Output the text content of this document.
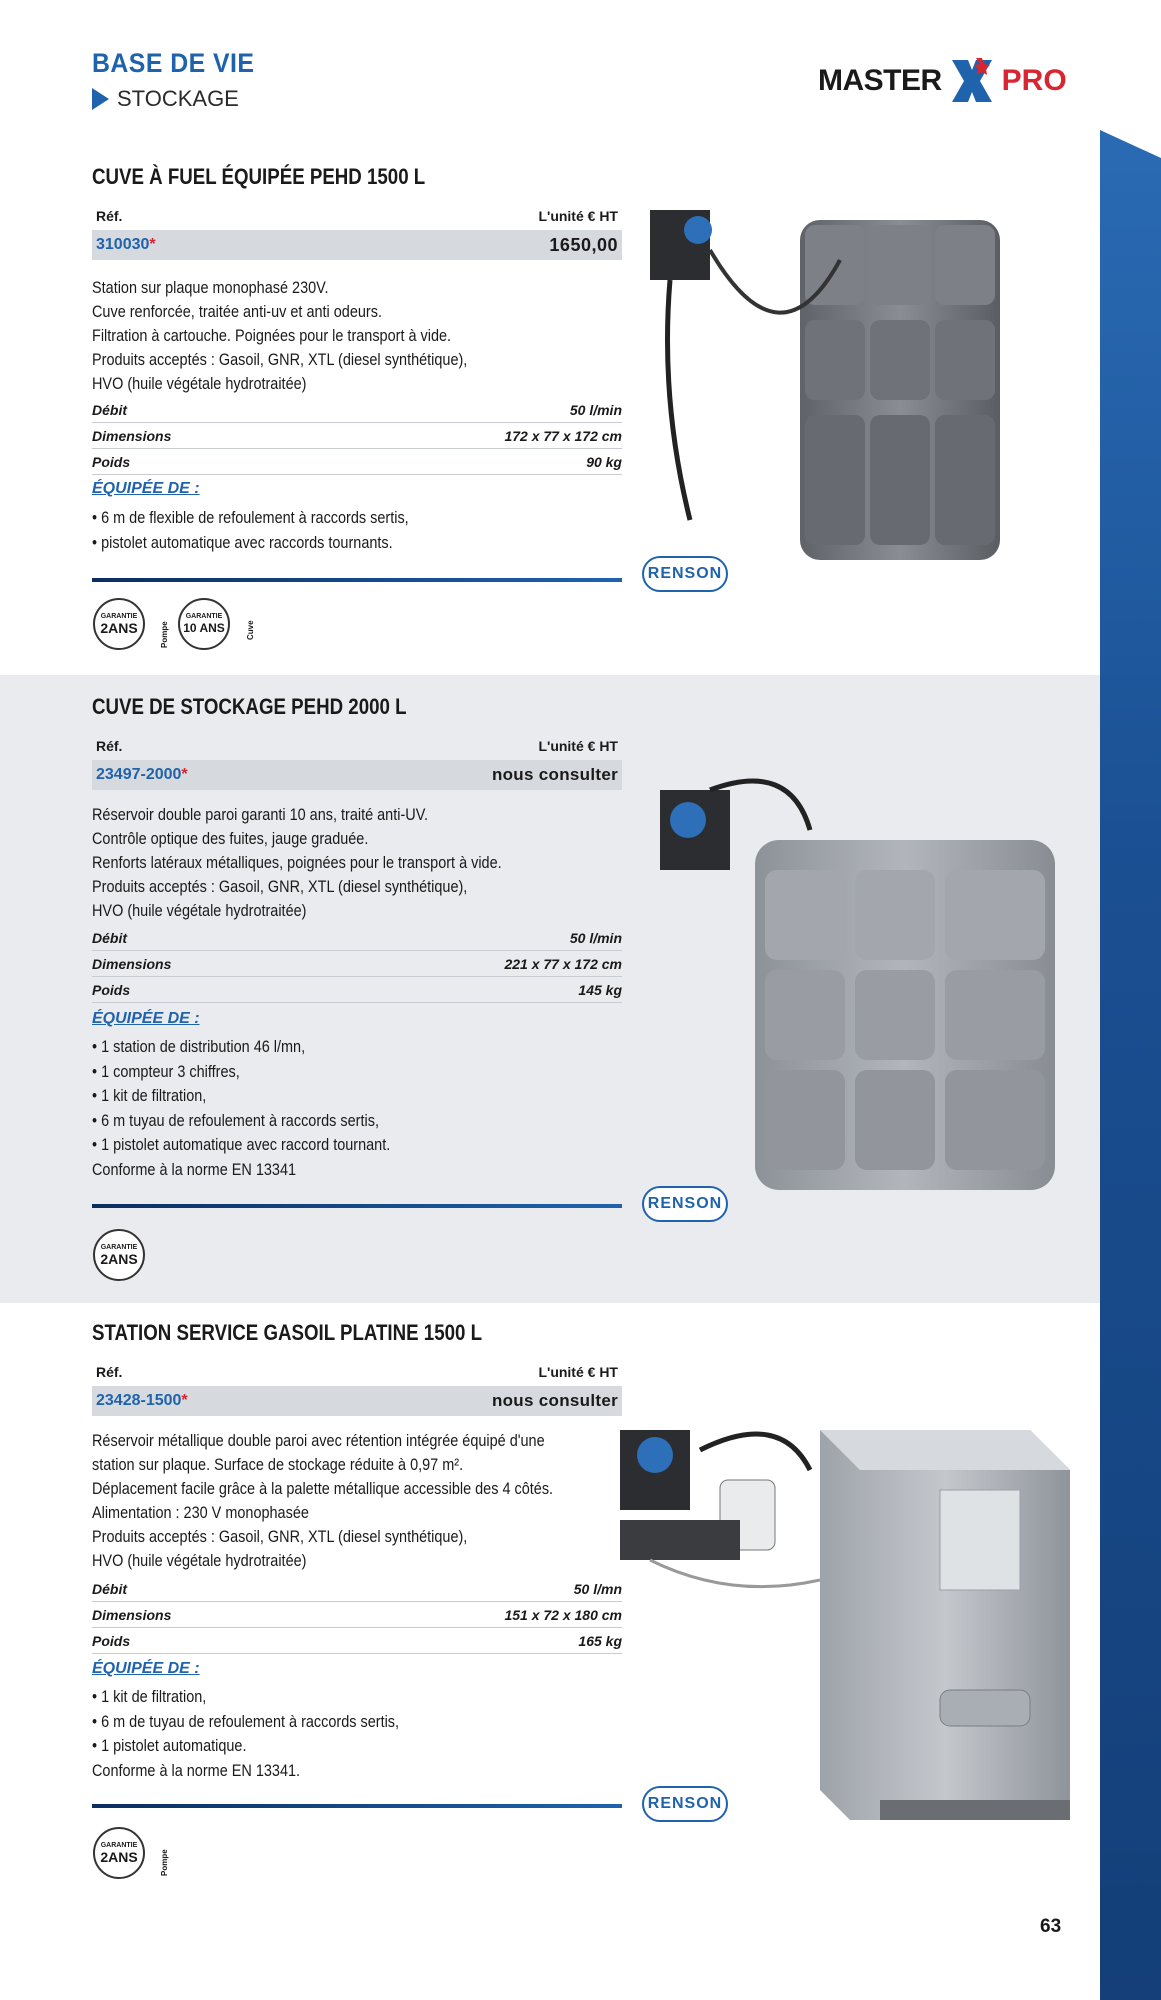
BASE DE VIE
STOCKAGE
MASTER PRO
CUVE À FUEL ÉQUIPÉE PEHD 1500 L
Réf.	L'unité € HT
310030*	1650,00
Station sur plaque monophasé 230V.
Cuve renforcée, traitée anti-uv et anti odeurs.
Filtration à cartouche. Poignées pour le transport à vide.
Produits acceptés : Gasoil, GNR, XTL (diesel synthétique),
HVO (huile végétale hydrotraitée)
Débit	50 l/min
Dimensions	172 x 77 x 172 cm
Poids	90 kg
ÉQUIPÉE DE :
• 6 m de flexible de refoulement à raccords sertis,
• pistolet automatique avec raccords tournants.
GARANTIE
2ANS	Pompe
GARANTIE
10 ANS	Cuve
RENSON
CUVE DE STOCKAGE PEHD 2000 L
Réf.	L'unité € HT
23497-2000*	nous consulter
Réservoir double paroi garanti 10 ans, traité anti-UV.
Contrôle optique des fuites, jauge graduée.
Renforts latéraux métalliques, poignées pour le transport à vide.
Produits acceptés : Gasoil, GNR, XTL (diesel synthétique),
HVO (huile végétale hydrotraitée)
Débit	50 l/min
Dimensions	221 x 77 x 172 cm
Poids	145 kg
ÉQUIPÉE DE :
• 1 station de distribution 46 l/mn,
• 1 compteur 3 chiffres,
• 1 kit de filtration,
• 6 m tuyau de refoulement à raccords sertis,
• 1 pistolet automatique avec raccord tournant.
Conforme à la norme EN 13341
GARANTIE
2ANS
RENSON
STATION SERVICE GASOIL PLATINE 1500 L
Réf.	L'unité € HT
23428-1500*	nous consulter
Réservoir métallique double paroi avec rétention intégrée équipé d'une
station sur plaque. Surface de stockage réduite à 0,97 m².
Déplacement facile grâce à la palette métallique accessible des 4 côtés.
Alimentation : 230 V monophasée
Produits acceptés : Gasoil, GNR, XTL (diesel synthétique),
HVO (huile végétale hydrotraitée)
Débit	50 l/mn
Dimensions	151 x 72 x 180 cm
Poids	165 kg
ÉQUIPÉE DE :
• 1 kit de filtration,
• 6 m de tuyau de refoulement à raccords sertis,
• 1 pistolet automatique.
Conforme à la norme EN 13341.
GARANTIE
2ANS	Pompe
RENSON
63
